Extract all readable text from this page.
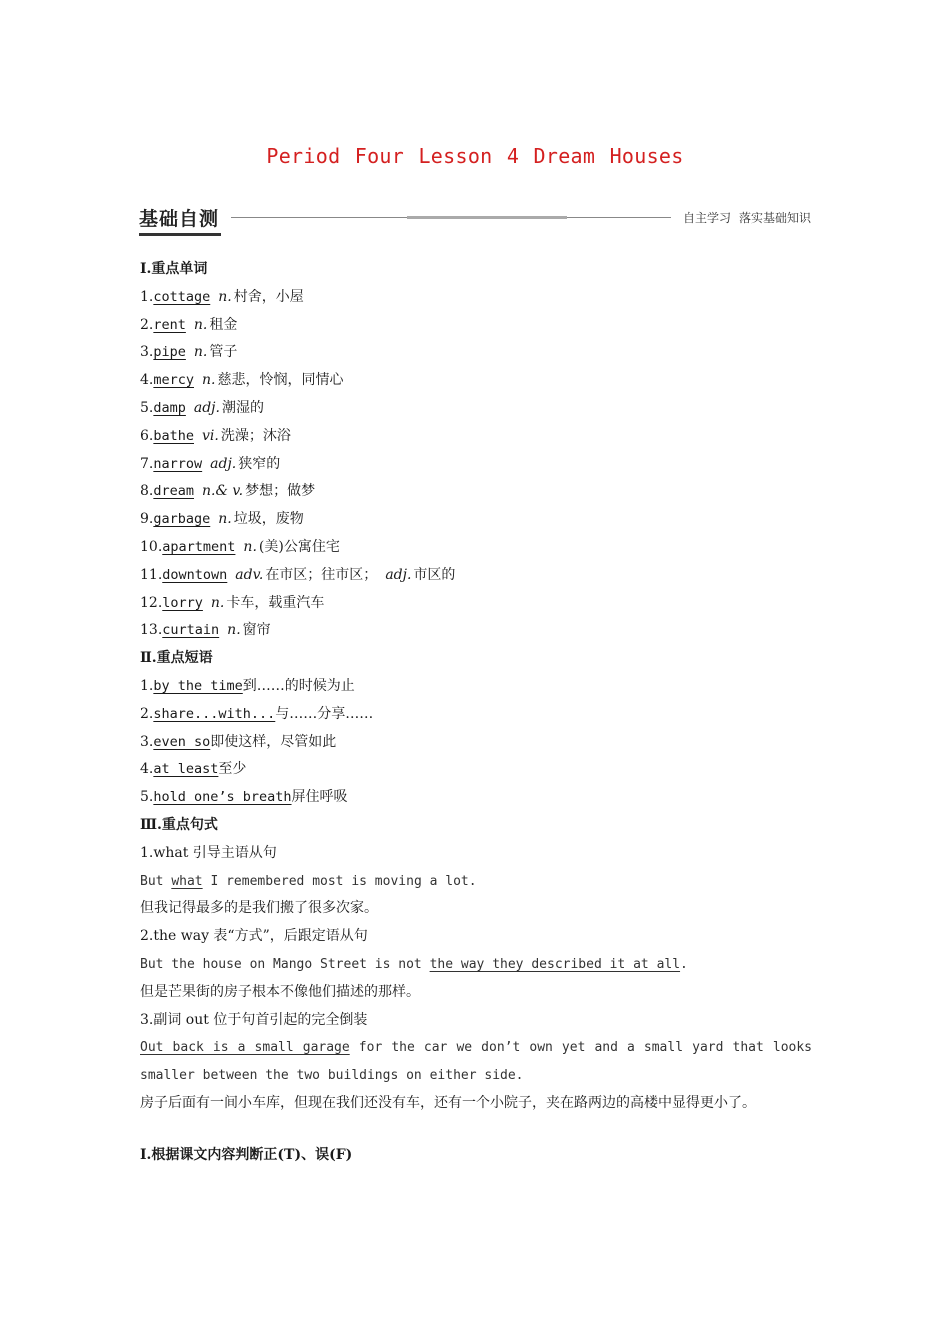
Period Four Lesson 4 Dream Houses
基础自测	自主学习 落实基础知识
Ⅰ.重点单词
1.cottage n. 村舍，小屋
2.rent n. 租金
3.pipe n. 管子
4.mercy n. 慈悲，怜悯，同情心
5.damp adj. 潮湿的
6.bathe vi. 洗澡；沐浴
7.narrow adj. 狭窄的
8.dream n.& v. 梦想；做梦
9.garbage n. 垃圾，废物
10.apartment n. (美)公寓住宅
11.downtown adv. 在市区；往市区； adj. 市区的
12.lorry n. 卡车，载重汽车
13.curtain n. 窗帘
Ⅱ.重点短语
1.by the time到……的时候为止
2.share...with...与……分享……
3.even so即使这样，尽管如此
4.at least至少
5.hold one’s breath屏住呼吸
Ⅲ.重点句式
1.what 引导主语从句
But what I remembered most is moving a lot.
但我记得最多的是我们搬了很多次家。
2.the way 表“方式”，后跟定语从句
But the house on Mango Street is not the way they described it at all.
但是芒果街的房子根本不像他们描述的那样。
3.副词 out 位于句首引起的完全倒装
Out back is a small garage for the car we don’t own yet and a small yard that looks smaller between the two buildings on either side.
房子后面有一间小车库，但现在我们还没有车，还有一个小院子，夹在路两边的高楼中显得更小了。
Ⅰ.根据课文内容判断正(T)、误(F)
